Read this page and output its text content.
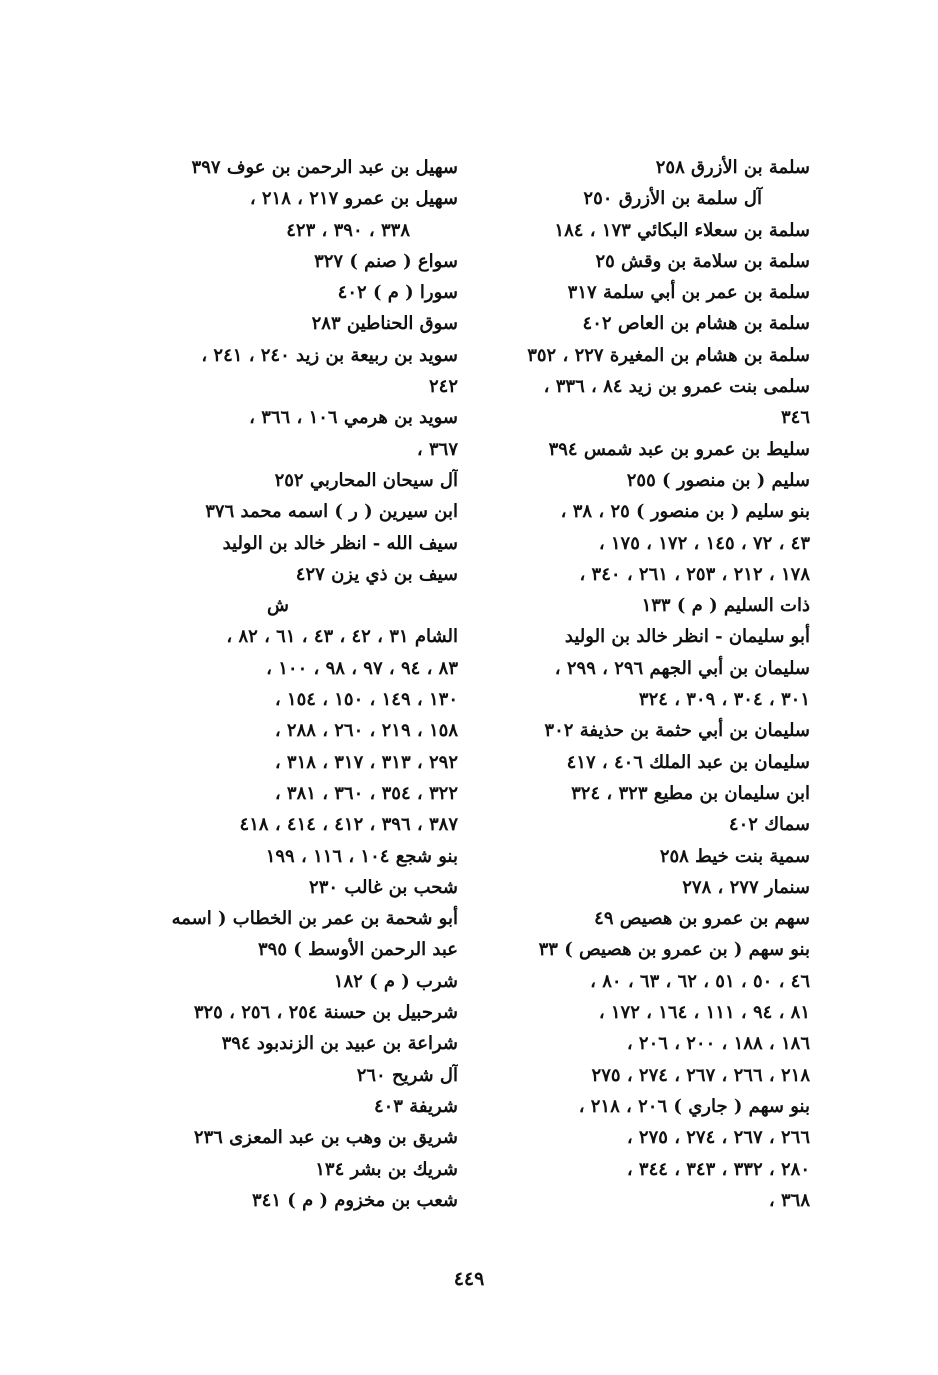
سلمة بن الأزرق ٢٥٨
آل سلمة بن الأزرق ٢٥٠
سلمة بن سعلاء البكائي ١٧٣ ، ١٨٤
سلمة بن سلامة بن وقش ٢٥
سلمة بن عمر بن أبي سلمة ٣١٧
سلمة بن هشام بن العاص ٤٠٢
سلمة بن هشام بن المغيرة ٢٢٧ ، ٣٥٢
سلمى بنت عمرو بن زيد ٨٤ ، ٣٣٦ ،
٣٤٦
سليط بن عمرو بن عبد شمس ٣٩٤
سليم ( بن منصور ) ٢٥٥
بنو سليم ( بن منصور ) ٢٥ ، ٣٨ ،
٤٣ ، ٧٢ ، ١٤٥ ، ١٧٢ ، ١٧٥ ،
١٧٨ ، ٢١٢ ، ٢٥٣ ، ٢٦١ ، ٣٤٠ ،
ذات السليم ( م ) ١٣٣
أبو سليمان - انظر خالد بن الوليد
سليمان بن أبي الجهم ٢٩٦ ، ٢٩٩ ،
٣٠١ ، ٣٠٤ ، ٣٠٩ ، ٣٢٤
سليمان بن أبي حثمة بن حذيفة ٣٠٢
سليمان بن عبد الملك ٤٠٦ ، ٤١٧
ابن سليمان بن مطيع ٣٢٣ ، ٣٢٤
سماك ٤٠٢
سمية بنت خيط ٢٥٨
سنمار ٢٧٧ ، ٢٧٨
سهم بن عمرو بن هصيص ٤٩
بنو سهم ( بن عمرو بن هصيص ) ٣٣
٤٦ ، ٥٠ ، ٥١ ، ٦٢ ، ٦٣ ، ٨٠ ،
٨١ ، ٩٤ ، ١١١ ، ١٦٤ ، ١٧٢ ،
١٨٦ ، ١٨٨ ، ٢٠٠ ، ٢٠٦ ،
٢١٨ ، ٢٦٦ ، ٢٦٧ ، ٢٧٤ ، ٢٧٥
بنو سهم ( جاري ) ٢٠٦ ، ٢١٨ ،
٢٦٦ ، ٢٦٧ ، ٢٧٤ ، ٢٧٥ ،
٢٨٠ ، ٣٣٢ ، ٣٤٣ ، ٣٤٤ ،
٣٦٨ ،
سهيل بن عبد الرحمن بن عوف ٣٩٧
سهيل بن عمرو ٢١٧ ، ٢١٨ ،
٣٣٨ ، ٣٩٠ ، ٤٢٣
سواع ( صنم ) ٣٢٧
سورا ( م ) ٤٠٢
سوق الحناطين ٢٨٣
سويد بن ربيعة بن زيد ٢٤٠ ، ٢٤١ ،
٢٤٢
سويد بن هرمي ١٠٦ ، ٣٦٦ ،
٣٦٧ ،
آل سيحان المحاربي ٢٥٢
ابن سيرين ( ر ) اسمه محمد ٣٧٦
سيف الله - انظر خالد بن الوليد
سيف بن ذي يزن ٤٢٧
ش
الشام ٣١ ، ٤٢ ، ٤٣ ، ٦١ ، ٨٢ ،
٨٣ ، ٩٤ ، ٩٧ ، ٩٨ ، ١٠٠ ،
١٣٠ ، ١٤٩ ، ١٥٠ ، ١٥٤ ،
١٥٨ ، ٢١٩ ، ٢٦٠ ، ٢٨٨ ،
٢٩٢ ، ٣١٣ ، ٣١٧ ، ٣١٨ ،
٣٢٢ ، ٣٥٤ ، ٣٦٠ ، ٣٨١ ،
٣٨٧ ، ٣٩٦ ، ٤١٢ ، ٤١٤ ، ٤١٨
بنو شجع ١٠٤ ، ١١٦ ، ١٩٩
شحب بن غالب ٢٣٠
أبو شحمة بن عمر بن الخطاب ( اسمه
عبد الرحمن الأوسط ) ٣٩٥
شرب ( م ) ١٨٢
شرحبيل بن حسنة ٢٥٤ ، ٢٥٦ ، ٣٢٥
شراعة بن عبيد بن الزندبود ٣٩٤
آل شريح ٢٦٠
شريفة ٤٠٣
شريق بن وهب بن عبد المعزى ٢٣٦
شريك بن بشر ١٣٤
شعب بن مخزوم ( م ) ٣٤١
٤٤٩
